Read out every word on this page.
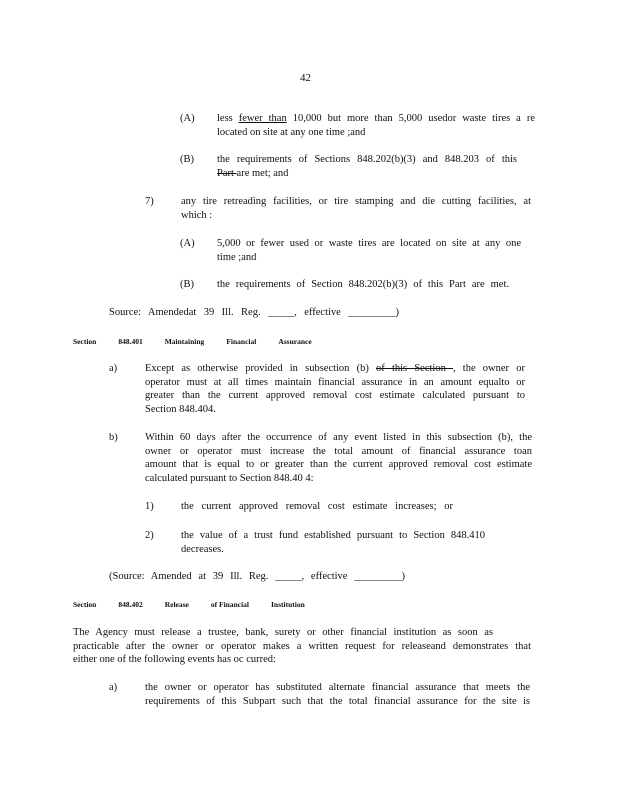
42
(A) less fewer than 10,000 but more than 5,000 usedor waste tires a re
located on site at any one time ;and
(B) the requirements of Sections 848.202(b)(3) and 848.203 of this
Part are met; and
7)	any tire retreading facilities, or tire stamping and die cutting facilities, at
which :
(A) 5,000 or fewer used or waste tires are located on site at any one
time ;and
(B) the requirements of Section 848.202(b)(3) of this Part are met.
Source: Amendedat 39 Ill. Reg. _____, effective _________)
Section	848.401	Maintaining	Financial	Assurance
a)	Except as otherwise provided in subsection (b) of this Section , the owner or
operator must at all times maintain financial assurance in an amount equalto or
greater than the current approved removal cost estimate calculated pursuant to
Section 848.404.
b)	Within 60 days after the occurrence of any event listed in this subsection (b), the
owner or operator must increase the total amount of financial assurance toan
amount that is equal to or greater than the current approved removal cost estimate
calculated pursuant to Section 848.40 4:
1)	the current approved removal cost estimate increases; or
2)	the value of a trust fund established pursuant to Section 848.410
decreases.
(Source: Amended at 39 Ill. Reg. _____, effective _________)
Section	848.402	Release	of Financial	Institution
The Agency must release a trustee, bank, surety or other financial institution as soon as
practicable after the owner or operator makes a written request for releaseand demonstrates that
either one of the following events has oc curred:
a)	the owner or operator has substituted alternate financial assurance that meets the
requirements of this Subpart such that the total financial assurance for the site is
